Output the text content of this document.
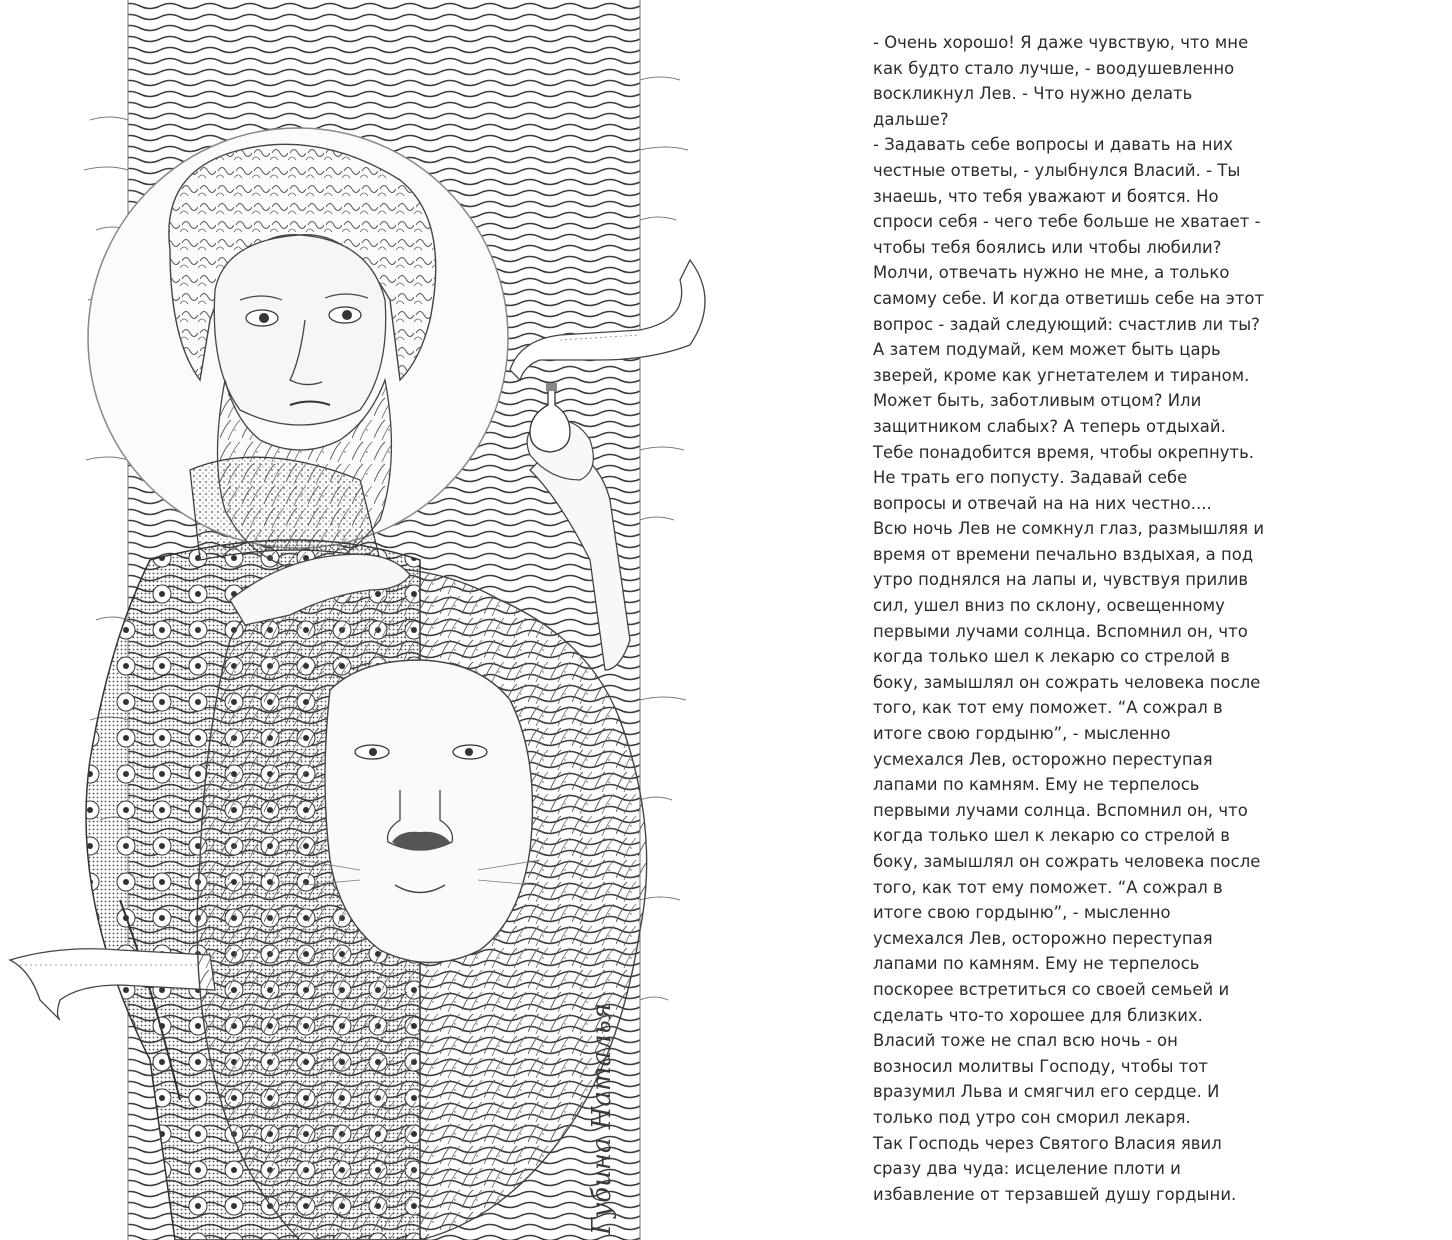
Губина Наталья

- Очень хорошо! Я даже чувствую, что мне

как будто стало лучше, - воодушевленно

воскликнул Лев. - Что нужно делать

дальше?

- Задавать себе вопросы и давать на них

честные ответы, - улыбнулся Власий. - Ты

знаешь, что тебя уважают и боятся. Но

спроси себя - чего тебе больше не хватает -

чтобы тебя боялись или чтобы любили?

Молчи, отвечать нужно не мне, а только

самому себе. И когда ответишь себе на этот

вопрос - задай следующий: счастлив ли ты?

А затем подумай, кем может быть царь

зверей, кроме как угнетателем и тираном.

Может быть, заботливым отцом? Или

защитником слабых? А теперь отдыхай.

Тебе понадобится время, чтобы окрепнуть.

Не трать его попусту. Задавай себе

вопросы и отвечай на на них честно....

Всю ночь Лев не сомкнул глаз, размышляя и

время от времени печально вздыхая, а под

утро поднялся на лапы и, чувствуя прилив

сил, ушел вниз по склону, освещенному

первыми лучами солнца. Вспомнил он, что

когда только шел к лекарю со стрелой в

боку, замышлял он сожрать человека после

того, как тот ему поможет. “А сожрал в

итоге свою гордыню”, - мысленно

усмехался Лев, осторожно переступая

лапами по камням. Ему не терпелось

первыми лучами солнца. Вспомнил он, что

когда только шел к лекарю со стрелой в

боку, замышлял он сожрать человека после

того, как тот ему поможет. “А сожрал в

итоге свою гордыню”, - мысленно

усмехался Лев, осторожно переступая

лапами по камням. Ему не терпелось

поскорее встретиться со своей семьей и

сделать что-то хорошее для близких.

Власий тоже не спал всю ночь - он

возносил молитвы Господу, чтобы тот

вразумил Льва и смягчил его сердце. И

только под утро сон сморил лекаря.

Так Господь через Святого Власия явил

сразу два чуда: исцеление плоти и

избавление от терзавшей душу гордыни.
